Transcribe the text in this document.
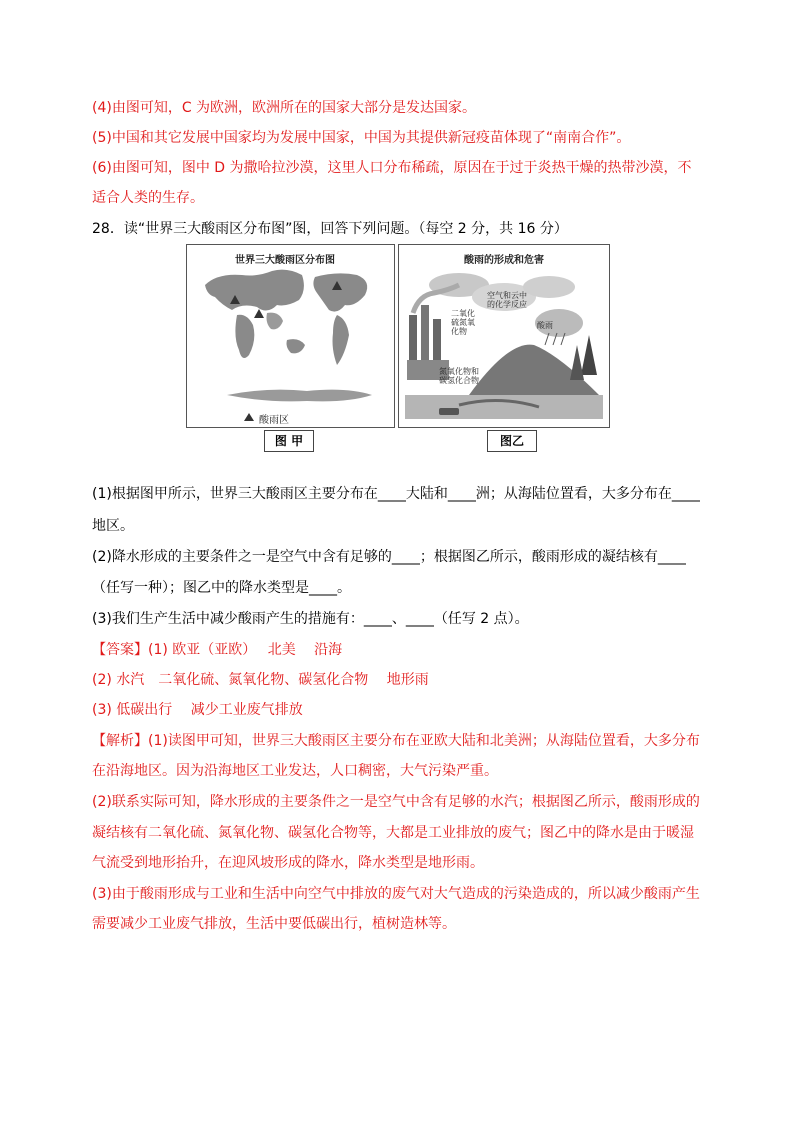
(4)由图可知，C 为欧洲，欧洲所在的国家大部分是发达国家。
(5)中国和其它发展中国家均为发展中国家，中国为其提供新冠疫苗体现了“南南合作”。
(6)由图可知，图中 D 为撒哈拉沙漠，这里人口分布稀疏，原因在于过于炎热干燥的热带沙漠，不
适合人类的生存。
28．读“世界三大酸雨区分布图”图，回答下列问题。（每空 2 分，共 16 分）
世界三大酸雨区分布图
酸雨区
酸雨的形成和危害
空气和云中的化学反应
二氧化硫氮氧化物
氮氧化物和碳氢化合物
酸雨
图 甲	图乙
(1)根据图甲所示，世界三大酸雨区主要分布在____大陆和____洲；从海陆位置看，大多分布在____
地区。
(2)降水形成的主要条件之一是空气中含有足够的____；根据图乙所示，酸雨形成的凝结核有____
（任写一种）；图乙中的降水类型是____。
(3)我们生产生活中减少酸雨产生的措施有：____、____（任写 2 点）。
【答案】(1) 欧亚（亚欧）　 北美　 沿海
(2) 水汽　二氧化硫、氮氧化物、碳氢化合物　 地形雨
(3) 低碳出行　 减少工业废气排放
【解析】(1)读图甲可知，世界三大酸雨区主要分布在亚欧大陆和北美洲；从海陆位置看，大多分布
在沿海地区。因为沿海地区工业发达，人口稠密，大气污染严重。
(2)联系实际可知，降水形成的主要条件之一是空气中含有足够的水汽；根据图乙所示，酸雨形成的
凝结核有二氧化硫、氮氧化物、碳氢化合物等，大都是工业排放的废气；图乙中的降水是由于暖湿
气流受到地形抬升，在迎风坡形成的降水，降水类型是地形雨。
(3)由于酸雨形成与工业和生活中向空气中排放的废气对大气造成的污染造成的，所以减少酸雨产生
需要减少工业废气排放，生活中要低碳出行，植树造林等。
